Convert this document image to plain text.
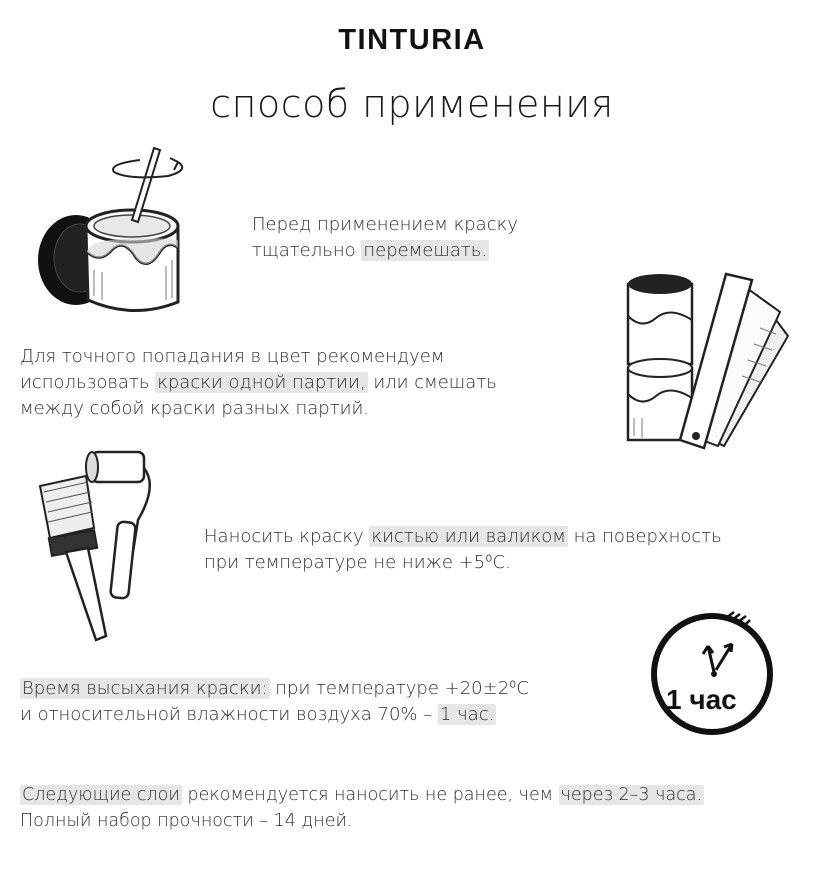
TINTURIA
способ применения
Перед применением краску
тщательно перемешать.
Для точного попадания в цвет рекомендуем
использовать краски одной партии, или смешать
между собой краски разных партий.
Наносить краску кистью или валиком на поверхность
при температуре не ниже +5⁰С.
1 час
Время высыхания краски: при температуре +20±2⁰С
и относительной влажности воздуха 70% – 1 час.
Следующие слои рекомендуется наносить не ранее, чем через 2–3 часа.
Полный набор прочности – 14 дней.
